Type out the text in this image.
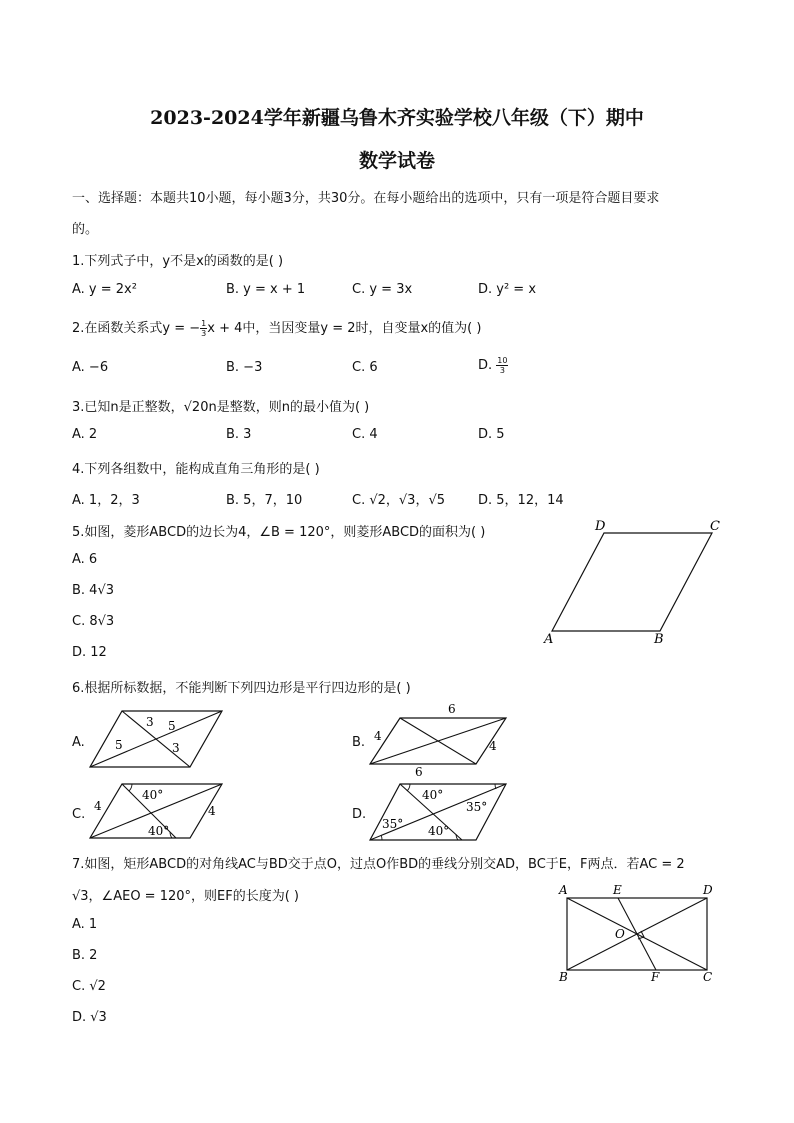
2023-2024学年新疆乌鲁木齐实验学校八年级（下）期中
数学试卷
一、选择题：本题共10小题，每小题3分，共30分。在每小题给出的选项中，只有一项是符合题目要求
的。
1.下列式子中，y不是x的函数的是( )
A. y = 2x²	B. y = x + 1	C. y = 3x	D. y² = x
2.在函数关系式y = − $\frac{1}{3}$ x + 4中，当因变量y = 2时，自变量x的值为( )
A. −6	B. −3	C. 6	D. $\frac{10}{3}$
3.已知n是正整数，√20n是整数，则n的最小值为( )
A. 2	B. 3	C. 4	D. 5
4.下列各组数中，能构成直角三角形的是( )
A. 1，2，3	B. 5，7，10	C. √2，√3，√5	D. 5，12，14
5.如图，菱形ABCD的边长为4，∠B = 120°，则菱形ABCD的面积为( )
A. 6
B. 4√3
C. 8√3
D. 12
D	C
A	B
6.根据所标数据，不能判断下列四边形是平行四边形的是( )
A.
3 5
5	3	B.
6
4
4
C.
4
40°
40°
4	D.
6
40°
35°
35° 40°
7.如图，矩形ABCD的对角线AC与BD交于点O，过点O作BD的垂线分别交AD，BC于E，F两点．若AC = 2
√3，∠AEO = 120°，则EF的长度为( )
A. 1
B. 2
C. √2
D. √3
A	E	D
O
B	F	C
